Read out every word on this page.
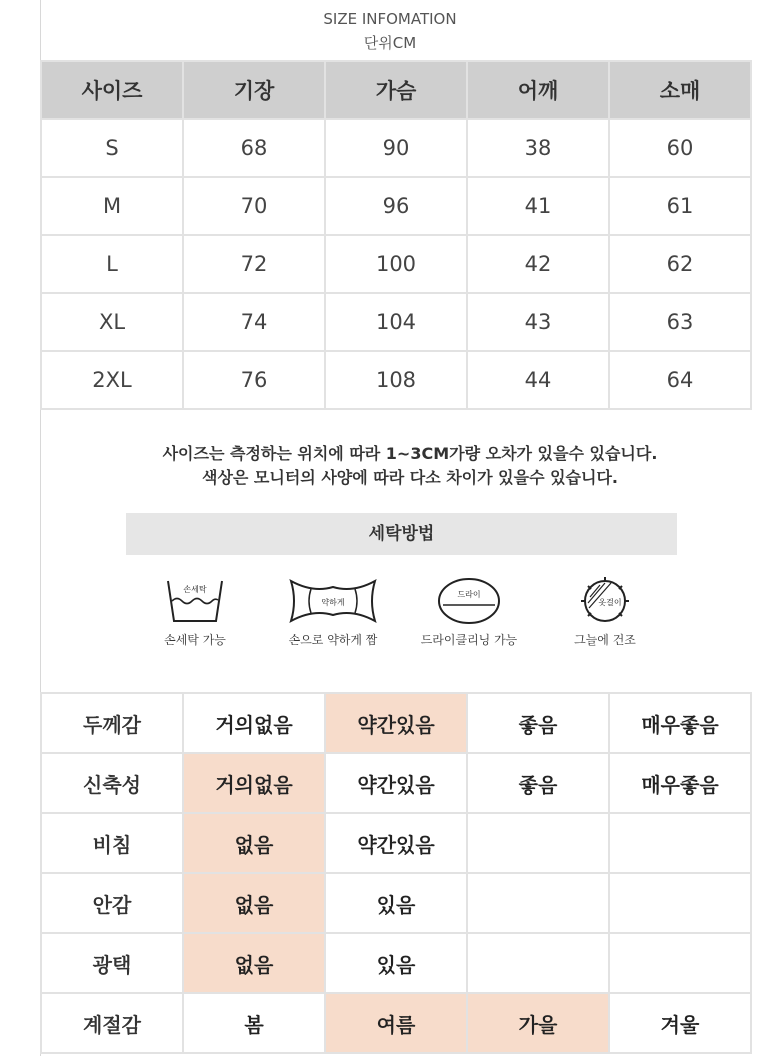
SIZE INFOMATION
단위CM
사이즈	기장	가슴	어깨	소매
S	68	90	38	60
M	70	96	41	61
L	72	100	42	62
XL	74	104	43	63
2XL	76	108	44	64
사이즈는 측정하는 위치에 따라 1~3CM가량 오차가 있을수 있습니다.
색상은 모니터의 사양에 따라 다소 차이가 있을수 있습니다.
세탁방법
손세탁
손세탁 가능
약하게
손으로 약하게 짬
드라이
드라이클리닝 가능
옷걸이
그늘에 건조
두께감	거의없음	약간있음	좋음	매우좋음
신축성	거의없음	약간있음	좋음	매우좋음
비침	없음	약간있음		
안감	없음	있음		
광택	없음	있음		
계절감	봄	여름	가을	겨울
